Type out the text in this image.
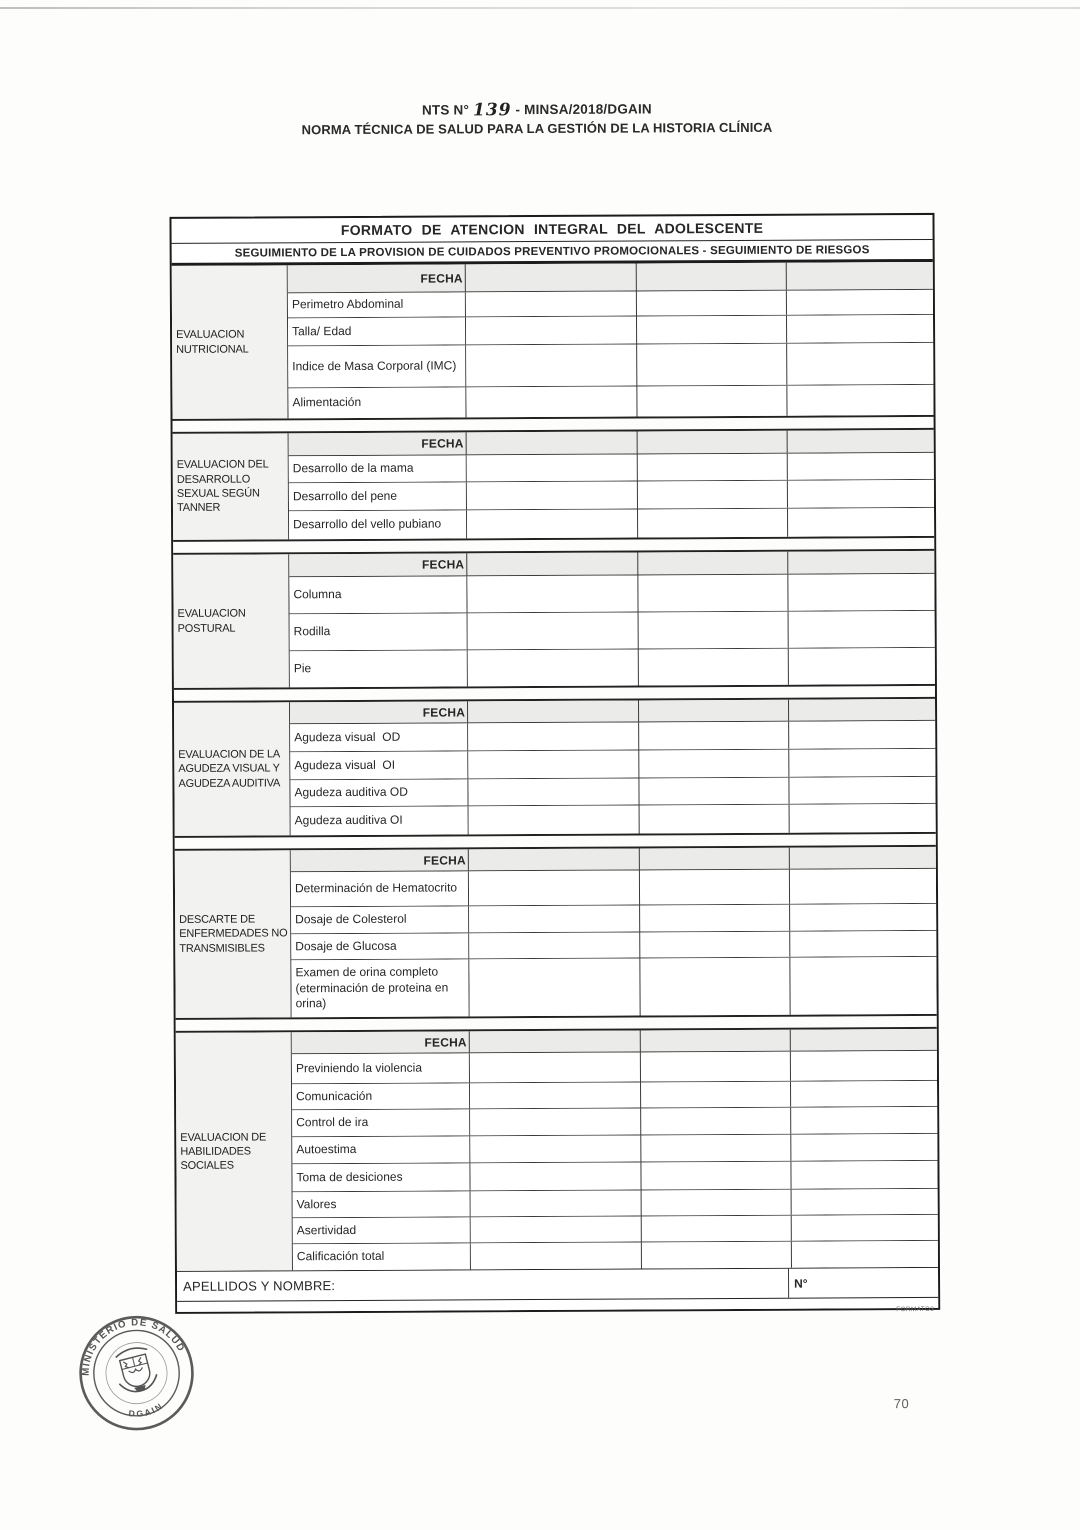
NTS N° 139 - MINSA/2018/DGAIN
NORMA TÉCNICA DE SALUD PARA LA GESTIÓN DE LA HISTORIA CLÍNICA
FORMATO DE ATENCION INTEGRAL DEL ADOLESCENTE
SEGUIMIENTO DE LA PROVISION DE CUIDADOS PREVENTIVO PROMOCIONALES - SEGUIMIENTO DE RIESGOS
EVALUACION NUTRICIONAL
FECHA
Perimetro Abdominal
Talla/ Edad
Indice de Masa Corporal (IMC)
Alimentación
EVALUACION DEL DESARROLLO SEXUAL SEGÚN TANNER
FECHA
Desarrollo de la mama
Desarrollo del pene
Desarrollo del vello pubiano
EVALUACION POSTURAL
FECHA
Columna
Rodilla
Pie
EVALUACION DE LA AGUDEZA VISUAL Y AGUDEZA AUDITIVA
FECHA
Agudeza visual  OD
Agudeza visual  OI
Agudeza auditiva OD
Agudeza auditiva OI
DESCARTE DE ENFERMEDADES NO TRANSMISIBLES
FECHA
Determinación de Hematocrito
Dosaje de Colesterol
Dosaje de Glucosa
Examen de orina completo (eterminación de proteina en orina)
EVALUACION DE HABILIDADES SOCIALES
FECHA
Previniendo la violencia
Comunicación
Control de ira
Autoestima
Toma de desiciones
Valores
Asertividad
Calificación total
APELLIDOS Y NOMBRE:	N°
FORMATO3
MINISTERIO DE SALUD
DGAIN	70
